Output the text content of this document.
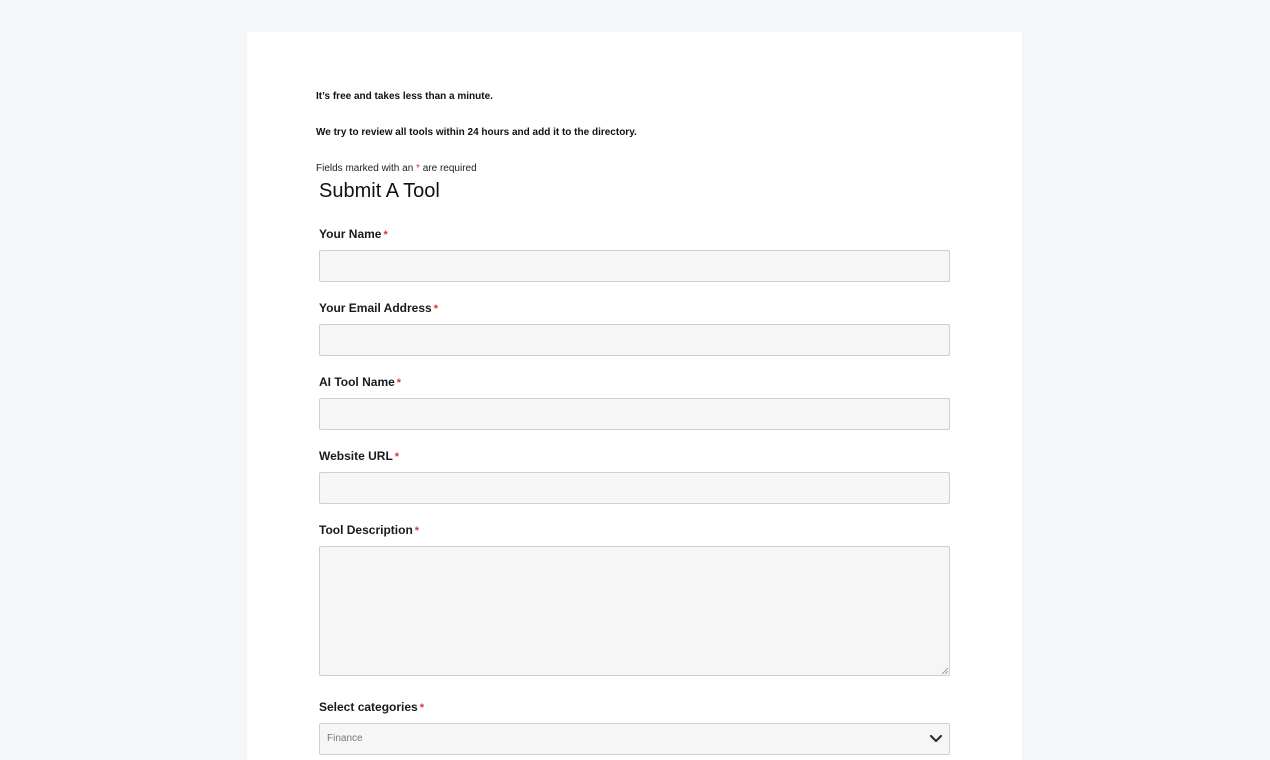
It’s free and takes less than a minute.

We try to review all tools within 24 hours and add it to the directory.

Fields marked with an * are required

Submit A Tool
Your Name *
Your Email Address *
AI Tool Name *
Website URL *
Tool Description *
Select categories *
Finance
